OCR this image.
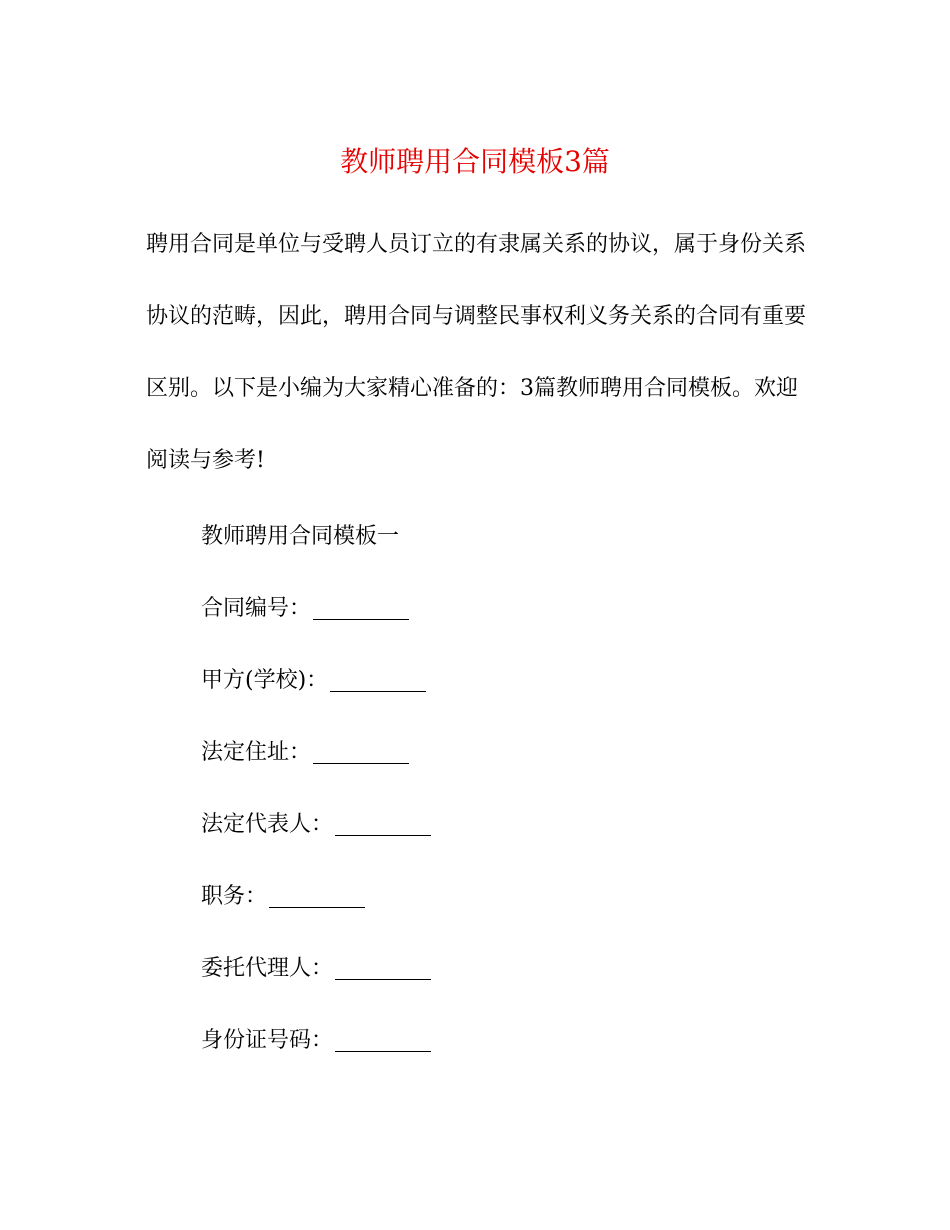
教师聘用合同模板3篇
聘用合同是单位与受聘人员订立的有隶属关系的协议，属于身份关系
协议的范畴，因此，聘用合同与调整民事权利义务关系的合同有重要
区别。以下是小编为大家精心准备的：3篇教师聘用合同模板。欢迎
阅读与参考!
教师聘用合同模板一
合同编号：
甲方(学校)：
法定住址：
法定代表人：
职务：
委托代理人：
身份证号码：
